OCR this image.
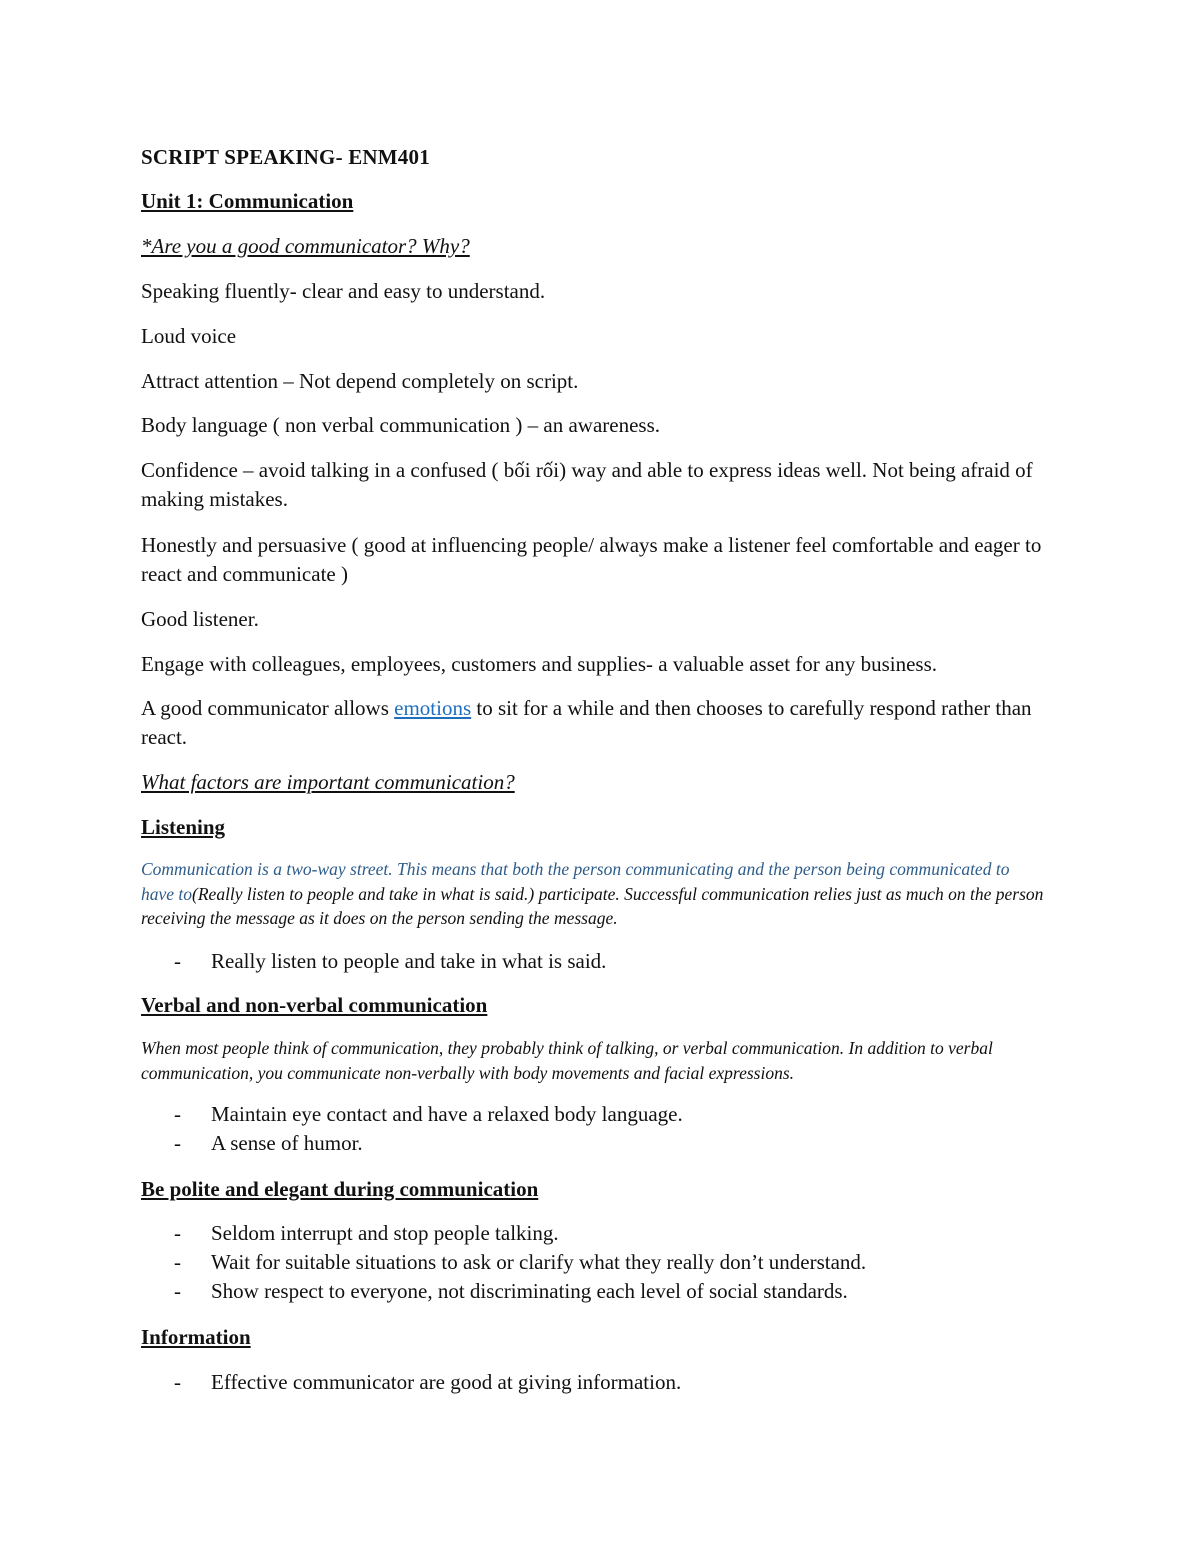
SCRIPT SPEAKING- ENM401
Unit 1: Communication
*Are you a good communicator? Why?
Speaking fluently- clear and easy to understand.
Loud voice
Attract attention – Not depend completely on script.
Body language ( non verbal communication ) – an awareness.
Confidence – avoid talking in a confused ( bối rối) way and able to express ideas well. Not being afraid of making mistakes.
Honestly and persuasive ( good at influencing people/ always make a listener feel comfortable and eager to react and communicate )
Good listener.
Engage with colleagues, employees, customers and supplies- a valuable asset for any business.
A good communicator allows emotions to sit for a while and then chooses to carefully respond rather than react.
What factors are important communication?
Listening
Communication is a two-way street. This means that both the person communicating and the person being communicated to have to(Really listen to people and take in what is said.) participate. Successful communication relies just as much on the person receiving the message as it does on the person sending the message.
-	Really listen to people and take in what is said.
Verbal and non-verbal communication
When most people think of communication, they probably think of talking, or verbal communication. In addition to verbal communication, you communicate non-verbally with body movements and facial expressions.
-	Maintain eye contact and have a relaxed body language.
-	A sense of humor.
Be polite and elegant during communication
-	Seldom interrupt and stop people talking.
-	Wait for suitable situations to ask or clarify what they really don’t understand.
-	Show respect to everyone, not discriminating each level of social standards.
Information
-	Effective communicator are good at giving information.
